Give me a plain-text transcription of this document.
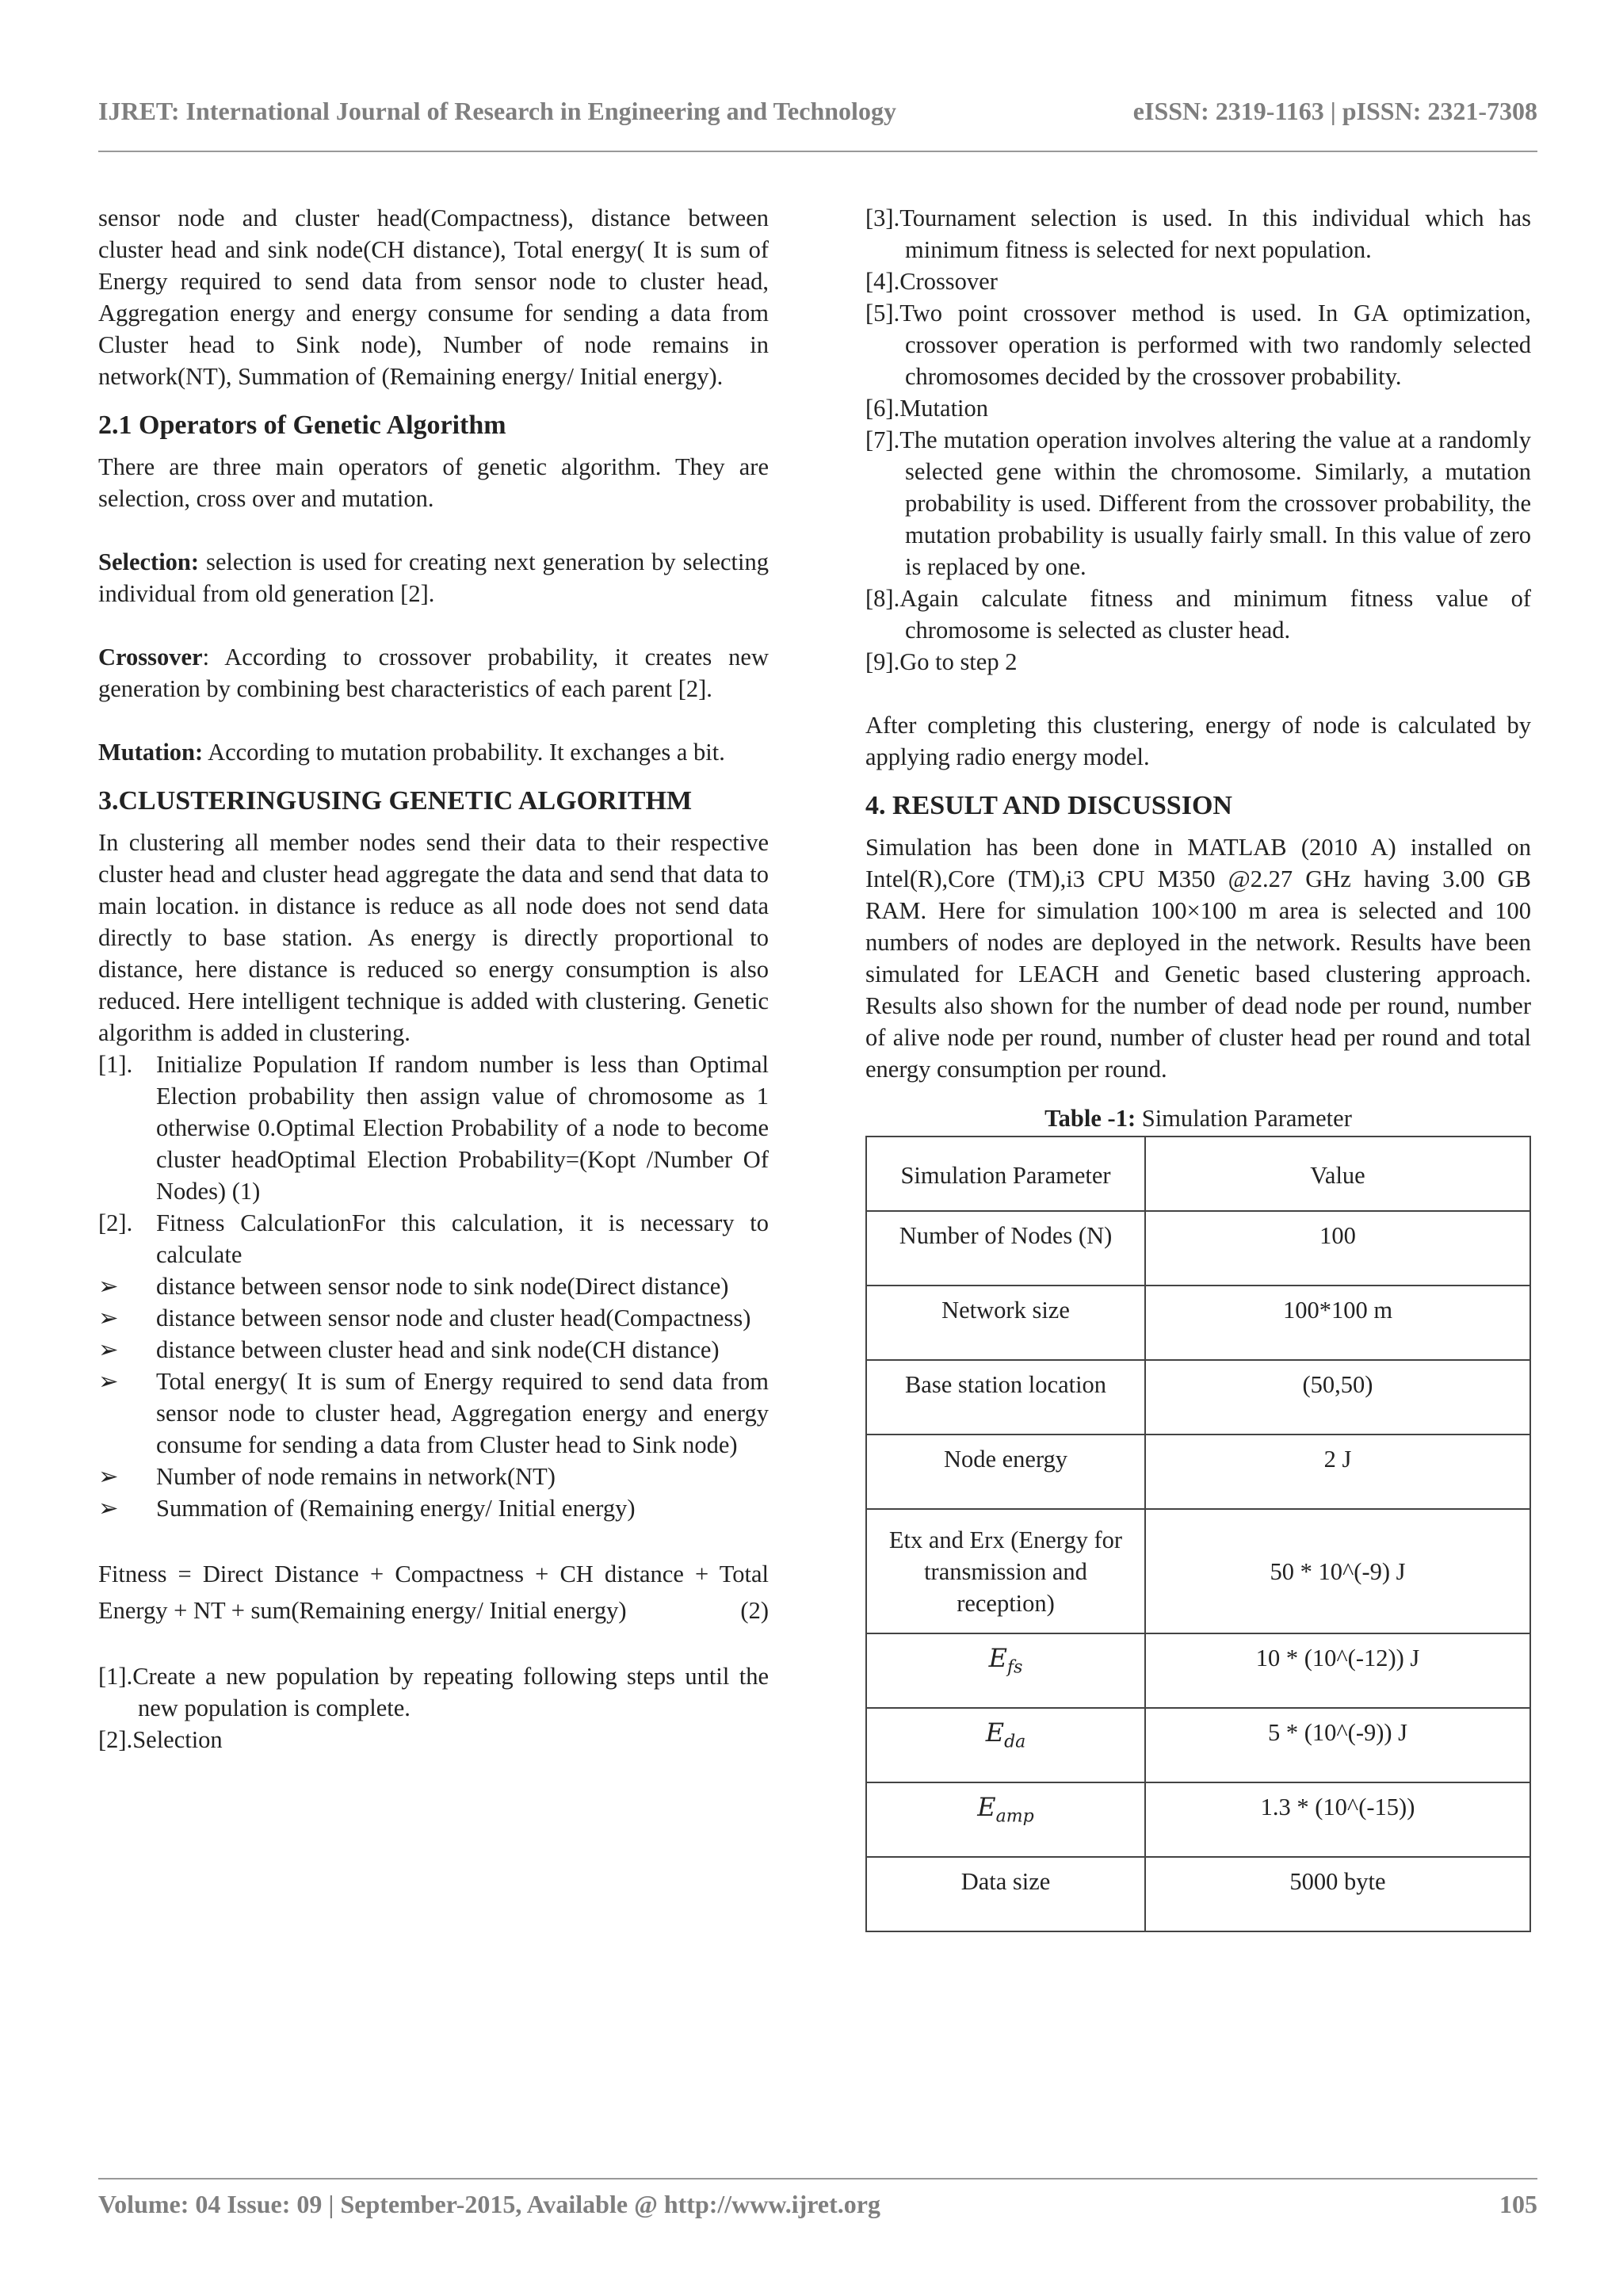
IJRET: International Journal of Research in Engineering and Technology	eISSN: 2319-1163 | pISSN: 2321-7308

sensor node and cluster head(Compactness), distance between cluster head and sink node(CH distance), Total energy( It is sum of Energy required to send data from sensor node to cluster head, Aggregation energy and energy consume for sending a data from Cluster head to Sink node), Number of node remains in network(NT), Summation of (Remaining energy/ Initial energy).

2.1 Operators of Genetic Algorithm

There are three main operators of genetic algorithm. They are selection, cross over and mutation.

Selection: selection is used for creating next generation by selecting individual from old generation [2].

Crossover: According to crossover probability, it creates new generation by combining best characteristics of each parent [2].

Mutation: According to mutation probability. It exchanges a bit.

3.CLUSTERINGUSING GENETIC ALGORITHM

In clustering all member nodes send their data to their respective cluster head and cluster head aggregate the data and send that data to main location. in distance is reduce as all node does not send data directly to base station. As energy is directly proportional to distance, here distance is reduced so energy consumption is also reduced. Here intelligent technique is added with clustering. Genetic algorithm is added in clustering.

[1]. Initialize Population If random number is less than Optimal Election probability then assign value of chromosome as 1 otherwise 0.Optimal Election Probability of a node to become cluster headOptimal Election Probability=(Kopt /Number Of Nodes) (1)
[2]. Fitness CalculationFor this calculation, it is necessary to calculate
➢	distance between sensor node to sink node(Direct distance)
➢	distance between sensor node and cluster head(Compactness)
➢	distance between cluster head and sink node(CH distance)
➢	Total energy( It is sum of Energy required to send data from sensor node to cluster head, Aggregation energy and energy consume for sending a data from Cluster head to Sink node)
➢	Number of node remains in network(NT)
➢	Summation of (Remaining energy/ Initial energy)

Fitness = Direct Distance + Compactness + CH distance + Total Energy + NT + sum(Remaining energy/ Initial energy)	(2)

[1].Create a new population by repeating following steps until the new population is complete.

[2].Selection

[3].Tournament selection is used. In this individual which has minimum fitness is selected for next population.

[4].Crossover

[5].Two point crossover method is used. In GA optimization, crossover operation is performed with two randomly selected chromosomes decided by the crossover probability.

[6].Mutation

[7].The mutation operation involves altering the value at a randomly selected gene within the chromosome. Similarly, a mutation probability is used. Different from the crossover probability, the mutation probability is usually fairly small. In this value of zero is replaced by one.

[8].Again calculate fitness and minimum fitness value of chromosome is selected as cluster head.

[9].Go to step 2

After completing this clustering, energy of node is calculated by applying radio energy model.

4. RESULT AND DISCUSSION

Simulation has been done in MATLAB (2010 A) installed on Intel(R),Core (TM),i3 CPU M350 @2.27 GHz having 3.00 GB RAM. Here for simulation 100×100 m area is selected and 100 numbers of nodes are deployed in the network. Results have been simulated for LEACH and Genetic based clustering approach. Results also shown for the number of dead node per round, number of alive node per round, number of cluster head per round and total energy consumption per round.

Table -1: Simulation Parameter

Simulation Parameter	Value
Number of Nodes (N)	100
Network size	100*100 m
Base station location	(50,50)
Node energy	2 J
Etx and Erx (Energy for transmission and reception)	50 * 10^(-9) J
$E_{fs}$	10 * (10^(-12)) J
$E_{da}$	5 * (10^(-9)) J
$E_{amp}$	1.3 * (10^(-15))
Data size	5000 byte
Volume: 04 Issue: 09 | September-2015, Available @ http://www.ijret.org	105
